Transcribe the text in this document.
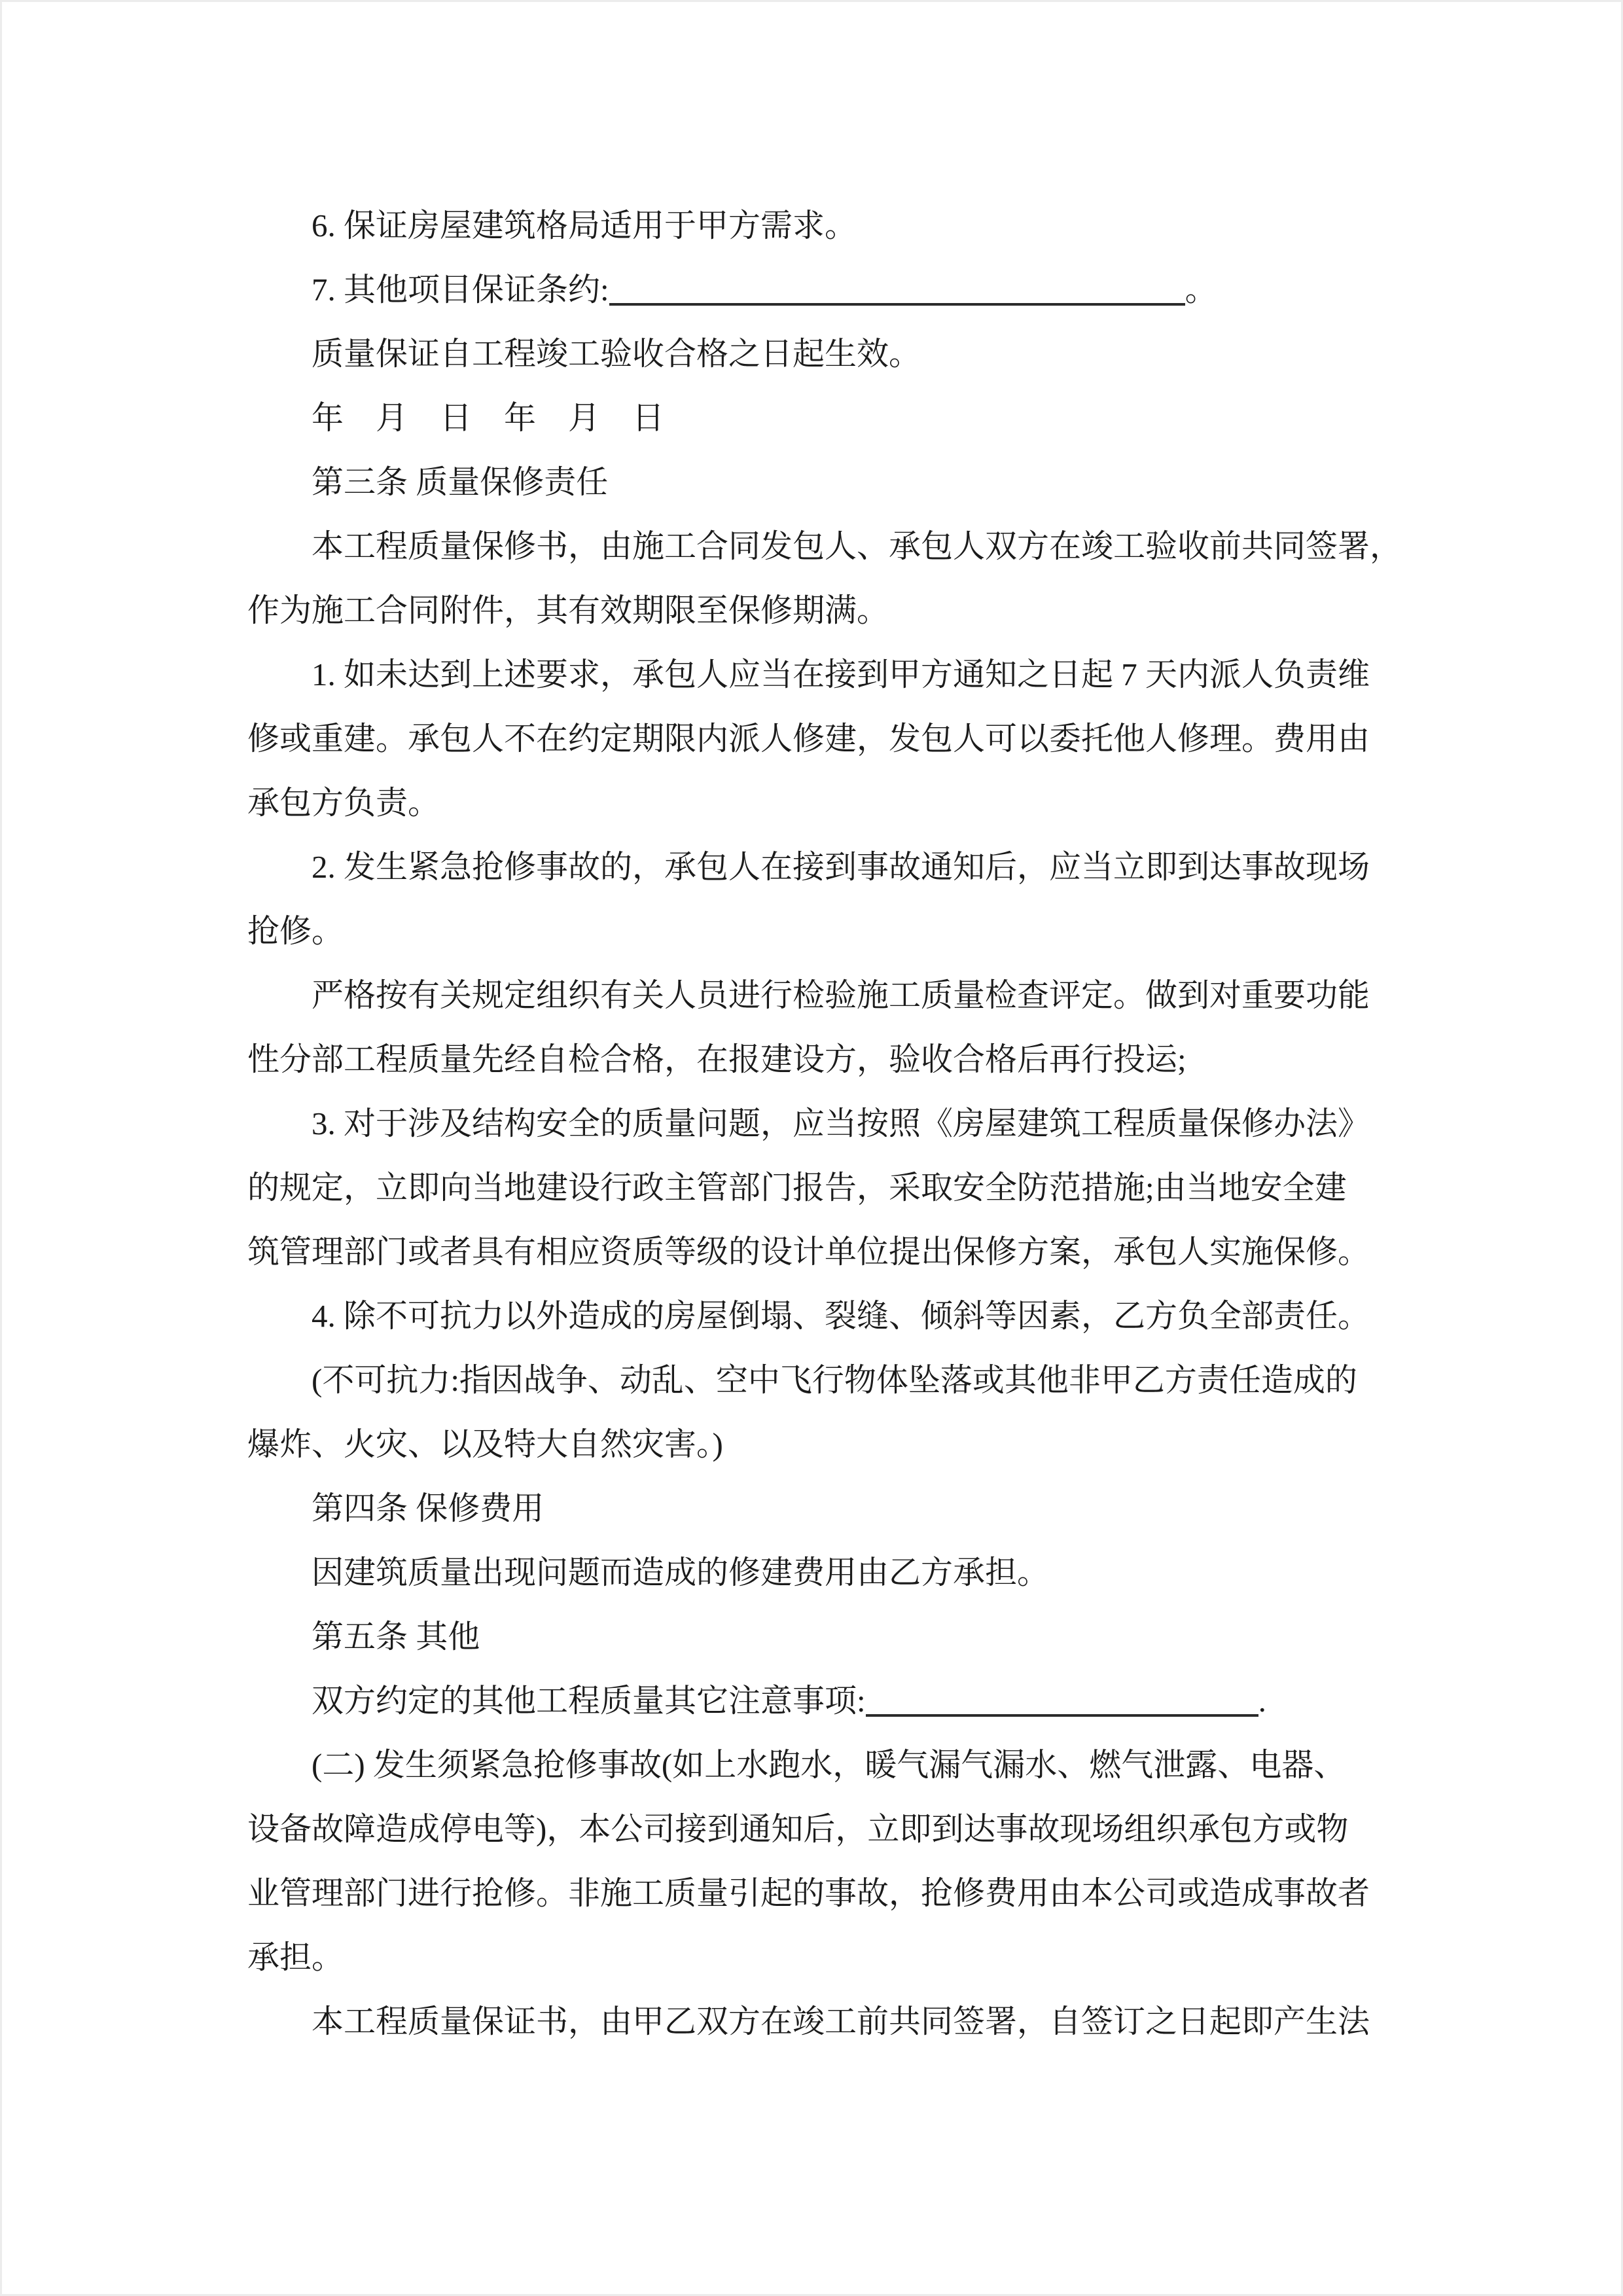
6. 保证房屋建筑格局适用于甲方需求。
7. 其他项目保证条约:	。
质量保证自工程竣工验收合格之日起生效。
年　月　日　年　月　日
第三条 质量保修责任
本工程质量保修书，由施工合同发包人、承包人双方在竣工验收前共同签署，
作为施工合同附件，其有效期限至保修期满。
1. 如未达到上述要求，承包人应当在接到甲方通知之日起 7 天内派人负责维
修或重建。承包人不在约定期限内派人修建，发包人可以委托他人修理。费用由
承包方负责。
2. 发生紧急抢修事故的，承包人在接到事故通知后，应当立即到达事故现场
抢修。
严格按有关规定组织有关人员进行检验施工质量检查评定。做到对重要功能
性分部工程质量先经自检合格，在报建设方，验收合格后再行投运;
3. 对于涉及结构安全的质量问题，应当按照《房屋建筑工程质量保修办法》
的规定，立即向当地建设行政主管部门报告，采取安全防范措施;由当地安全建
筑管理部门或者具有相应资质等级的设计单位提出保修方案，承包人实施保修。
4. 除不可抗力以外造成的房屋倒塌、裂缝、倾斜等因素，乙方负全部责任。
(不可抗力:指因战争、动乱、空中飞行物体坠落或其他非甲乙方责任造成的
爆炸、火灾、以及特大自然灾害。)
第四条 保修费用
因建筑质量出现问题而造成的修建费用由乙方承担。
第五条 其他
双方约定的其他工程质量其它注意事项:	.
(二) 发生须紧急抢修事故(如上水跑水，暖气漏气漏水、燃气泄露、电器、
设备故障造成停电等)，本公司接到通知后，立即到达事故现场组织承包方或物
业管理部门进行抢修。非施工质量引起的事故，抢修费用由本公司或造成事故者
承担。
本工程质量保证书，由甲乙双方在竣工前共同签署，自签订之日起即产生法
